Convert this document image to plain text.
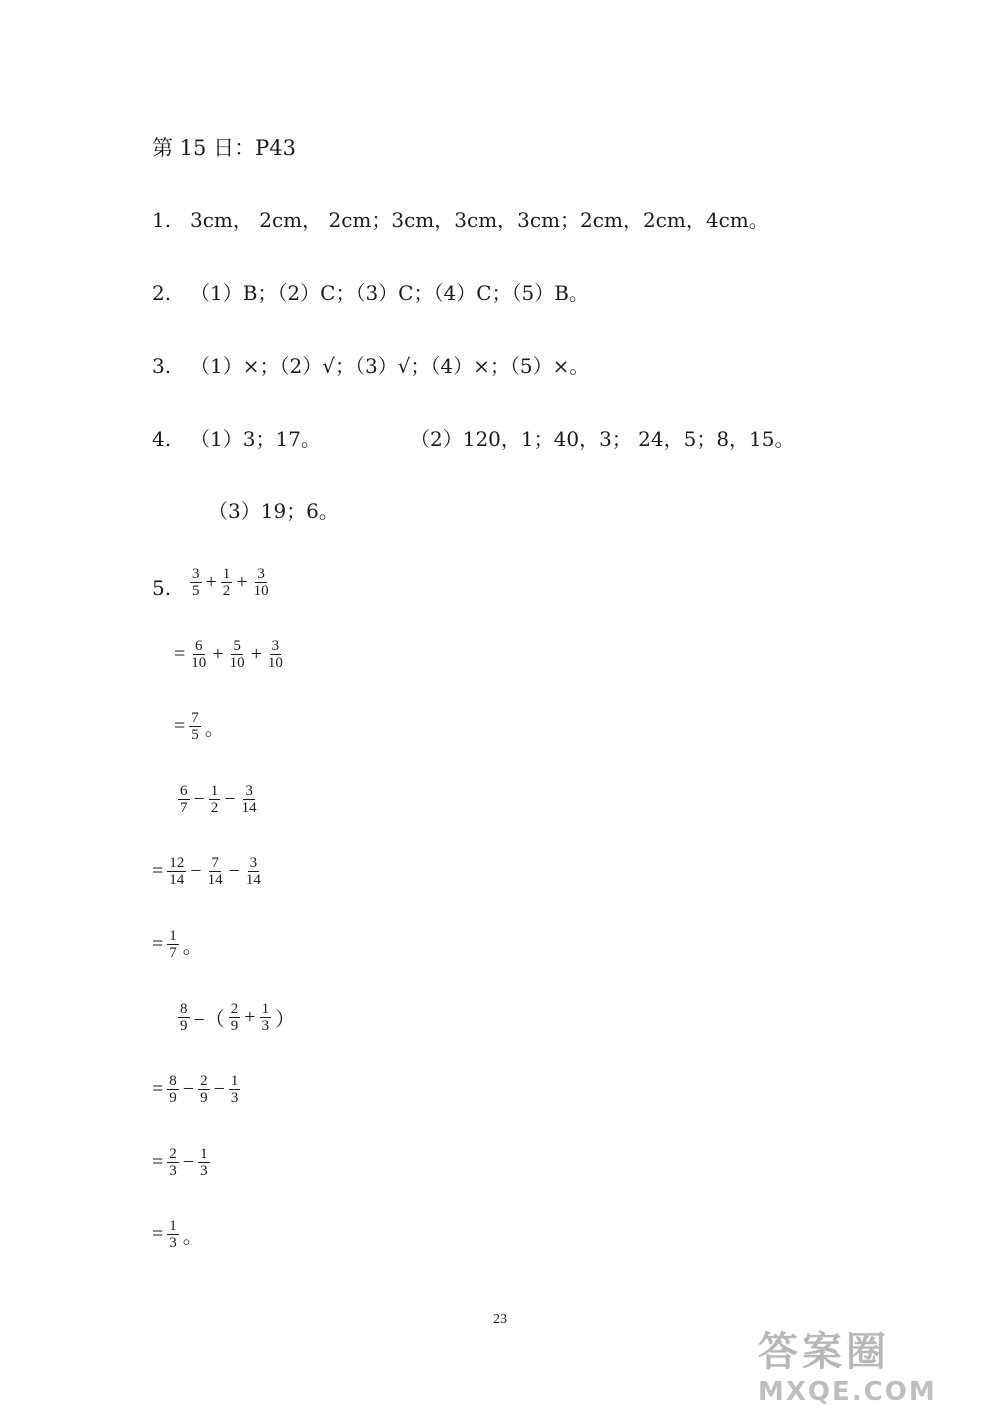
第 15 日：P43
1. 3cm， 2cm， 2cm；3cm，3cm，3cm；2cm，2cm，4cm。
2. （1）B；（2）C；（3）C；（4）C；（5）B。
3. （1）×；（2）√；（3）√；（4）×；（5）×。
4. （1）3；17。	（2）120，1；40，3； 24，5；8，15。
（3）19；6。
5. $\frac{3}{5} + \frac{1}{2} + \frac{3}{10}$
= $\frac{6}{10} + \frac{5}{10} + \frac{3}{10}$
= $\frac{7}{5}$ 。
$\frac{6}{7} - \frac{1}{2} - \frac{3}{14}$
= $\frac{12}{14} - \frac{7}{14} - \frac{3}{14}$
= $\frac{1}{7}$ 。
$\frac{8}{9}$ −（ $\frac{2}{9} + \frac{1}{3}$ ）
= $\frac{8}{9} - \frac{2}{9} - \frac{1}{3}$
= $\frac{2}{3} - \frac{1}{3}$
= $\frac{1}{3}$ 。
23
答案圈
MXQE.COM
